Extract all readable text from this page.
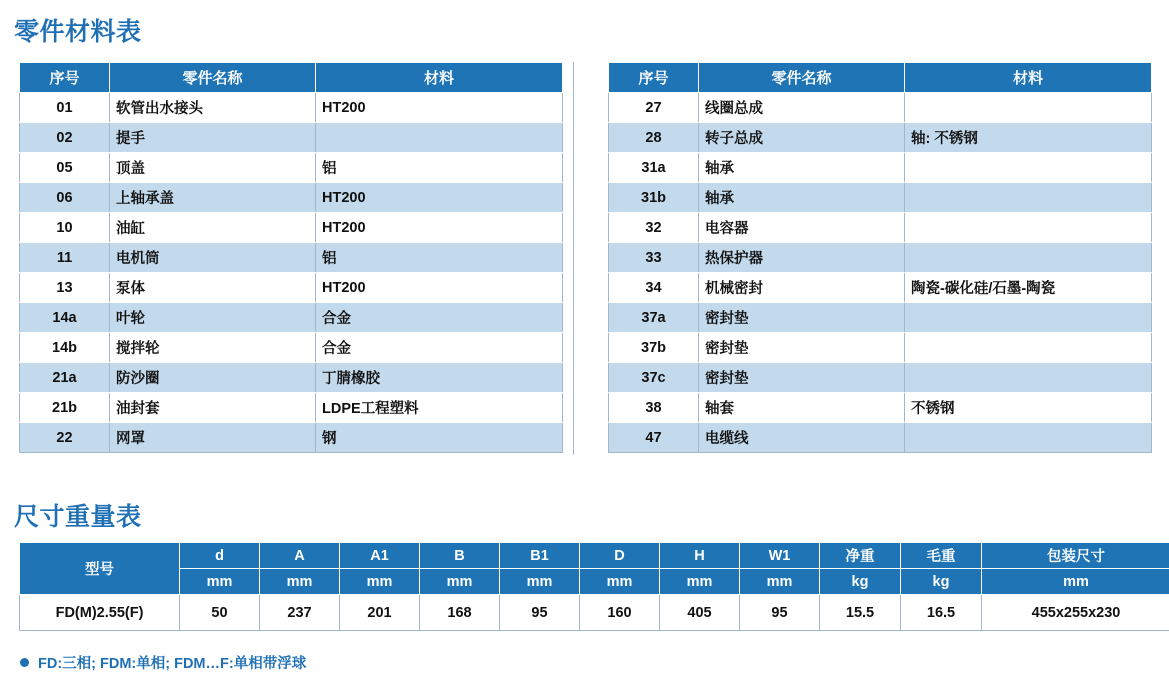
零件材料表
序号	零件名称	材料
01	软管出水接头	HT200
02	提手	
05	顶盖	铝
06	上轴承盖	HT200
10	油缸	HT200
11	电机筒	铝
13	泵体	HT200
14a	叶轮	合金
14b	搅拌轮	合金
21a	防沙圈	丁腈橡胶
21b	油封套	LDPE工程塑料
22	网罩	钢
序号	零件名称	材料
27	线圈总成	
28	转子总成	轴: 不锈钢
31a	轴承	
31b	轴承	
32	电容器	
33	热保护器	
34	机械密封	陶瓷-碳化硅/石墨-陶瓷
37a	密封垫	
37b	密封垫	
37c	密封垫	
38	轴套	不锈钢
47	电缆线	
尺寸重量表
型号	d	A	A1	B	B1	D	H	W1	净重	毛重	包装尺寸
	mm	mm	mm	mm	mm	mm	mm	mm	kg	kg	mm
FD(M)2.55(F)	50	237	201	168	95	160	405	95	15.5	16.5	455x255x230
FD:三相; FDM:单相; FDM…F:单相带浮球
